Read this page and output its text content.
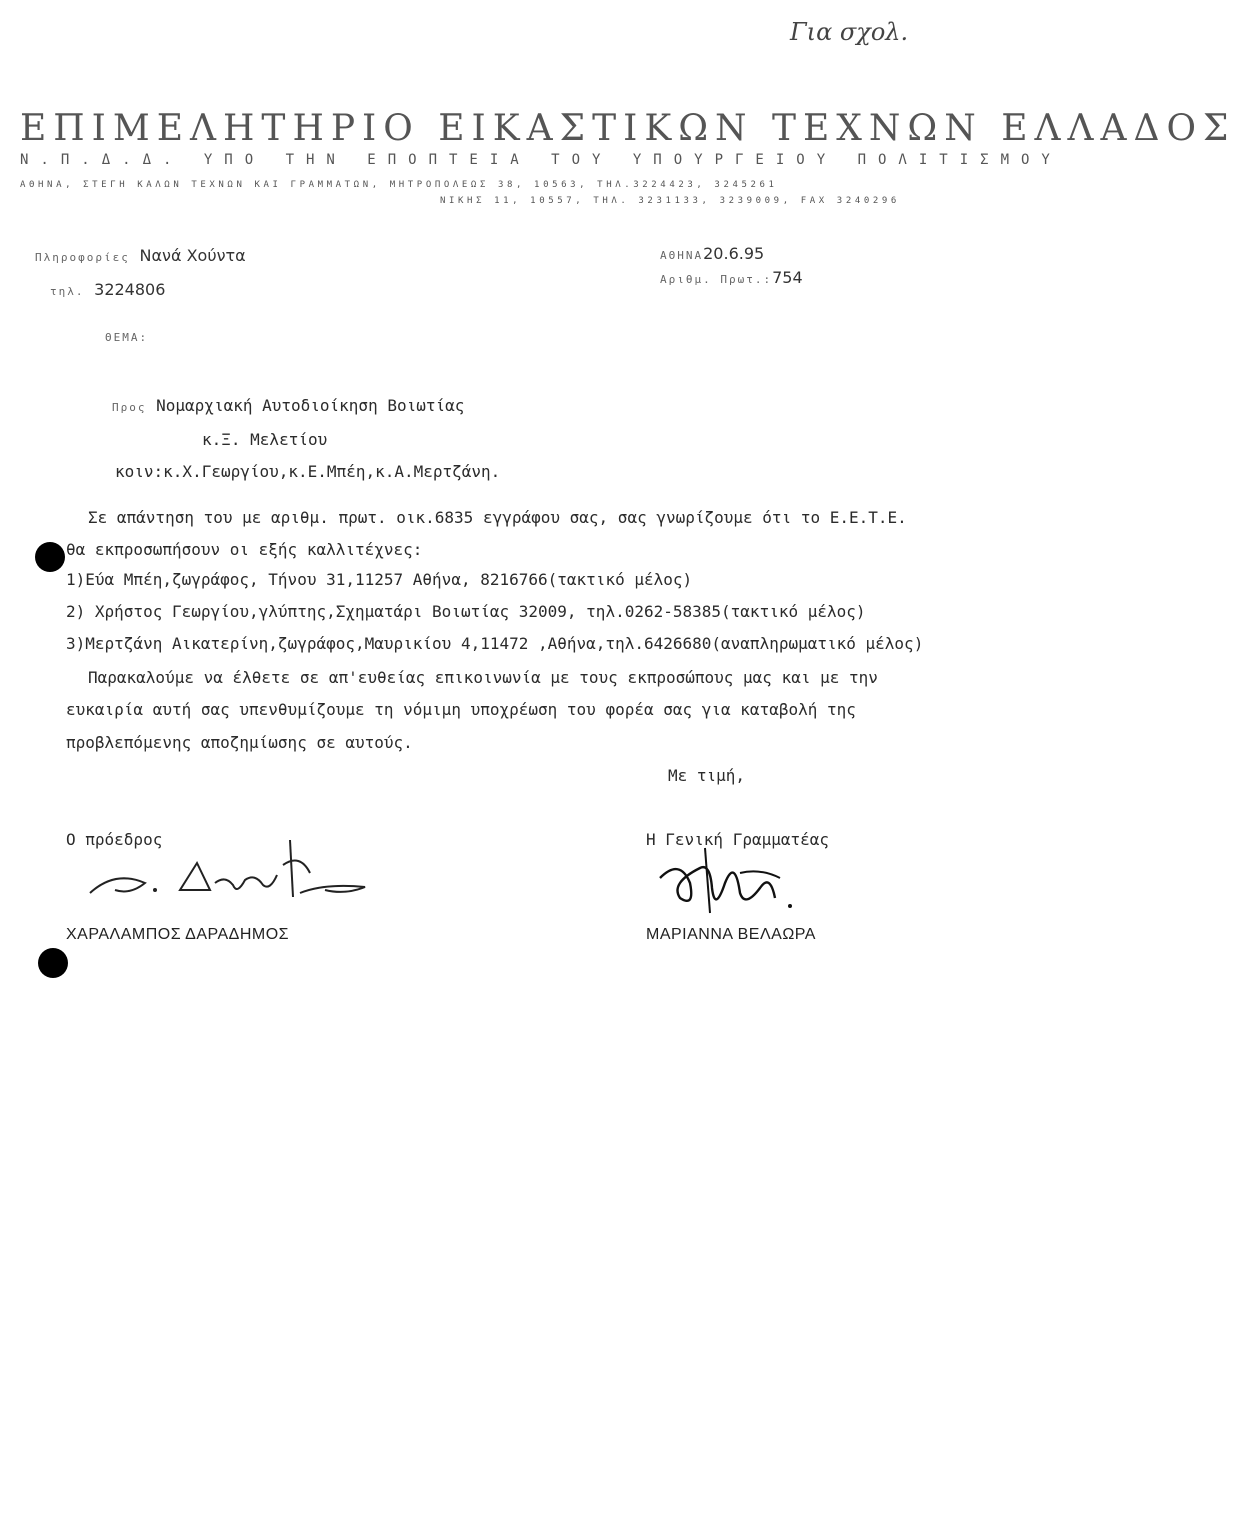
Για σχολ.
ΕΠΙΜΕΛΗΤΗΡΙΟ ΕΙΚΑΣΤΙΚΩΝ ΤΕΧΝΩΝ ΕΛΛΑΔΟΣ
Ν.Π.Δ.Δ. ΥΠΟ ΤΗΝ ΕΠΟΠΤΕΙΑ ΤΟΥ ΥΠΟΥΡΓΕΙΟΥ ΠΟΛΙΤΙΣΜΟΥ
ΑΘΗΝΑ, ΣΤΕΓΗ ΚΑΛΩΝ ΤΕΧΝΩΝ ΚΑΙ ΓΡΑΜΜΑΤΩΝ, ΜΗΤΡΟΠΟΛΕΩΣ 38, 10563, ΤΗΛ.3224423, 3245261
ΝΙΚΗΣ 11, 10557, ΤΗΛ. 3231133, 3239009, FAX 3240296
Πληροφορίες Νανά Χούντα
τηλ. 3224806
ΘΕΜΑ:
ΑΘΗΝΑ20.6.95
Αριθμ. Πρωτ.:754
Προς Νομαρχιακή Αυτοδιοίκηση Βοιωτίας
κ.Ξ. Μελετίου
κοιν:κ.Χ.Γεωργίου,κ.Ε.Μπέη,κ.Α.Μερτζάνη.
Σε απάντηση του με αριθμ. πρωτ. οικ.6835 εγγράφου σας, σας γνωρίζουμε ότι το Ε.Ε.Τ.Ε.
θα εκπροσωπήσουν οι εξής καλλιτέχνες:
1)Εύα Μπέη,ζωγράφος, Τήνου 31,11257 Αθήνα, 8216766(τακτικό μέλος)
2) Χρήστος Γεωργίου,γλύπτης,Σχηματάρι Βοιωτίας 32009, τηλ.0262-58385(τακτικό μέλος)
3)Μερτζάνη Αικατερίνη,ζωγράφος,Μαυρικίου 4,11472 ,Αθήνα,τηλ.6426680(αναπληρωματικό μέλος)
Παρακαλούμε να έλθετε σε απ'ευθείας επικοινωνία με τους εκπροσώπους μας και με την
ευκαιρία αυτή σας υπενθυμίζουμε τη νόμιμη υποχρέωση του φορέα σας για καταβολή της
προβλεπόμενης αποζημίωσης σε αυτούς.
Με τιμή,
Ο πρόεδρος
ΧΑΡΑΛΑΜΠΟΣ ΔΑΡΑΔΗΜΟΣ
Η Γενική Γραμματέας
ΜΑΡΙΑΝΝΑ ΒΕΛΑΩΡΑ
